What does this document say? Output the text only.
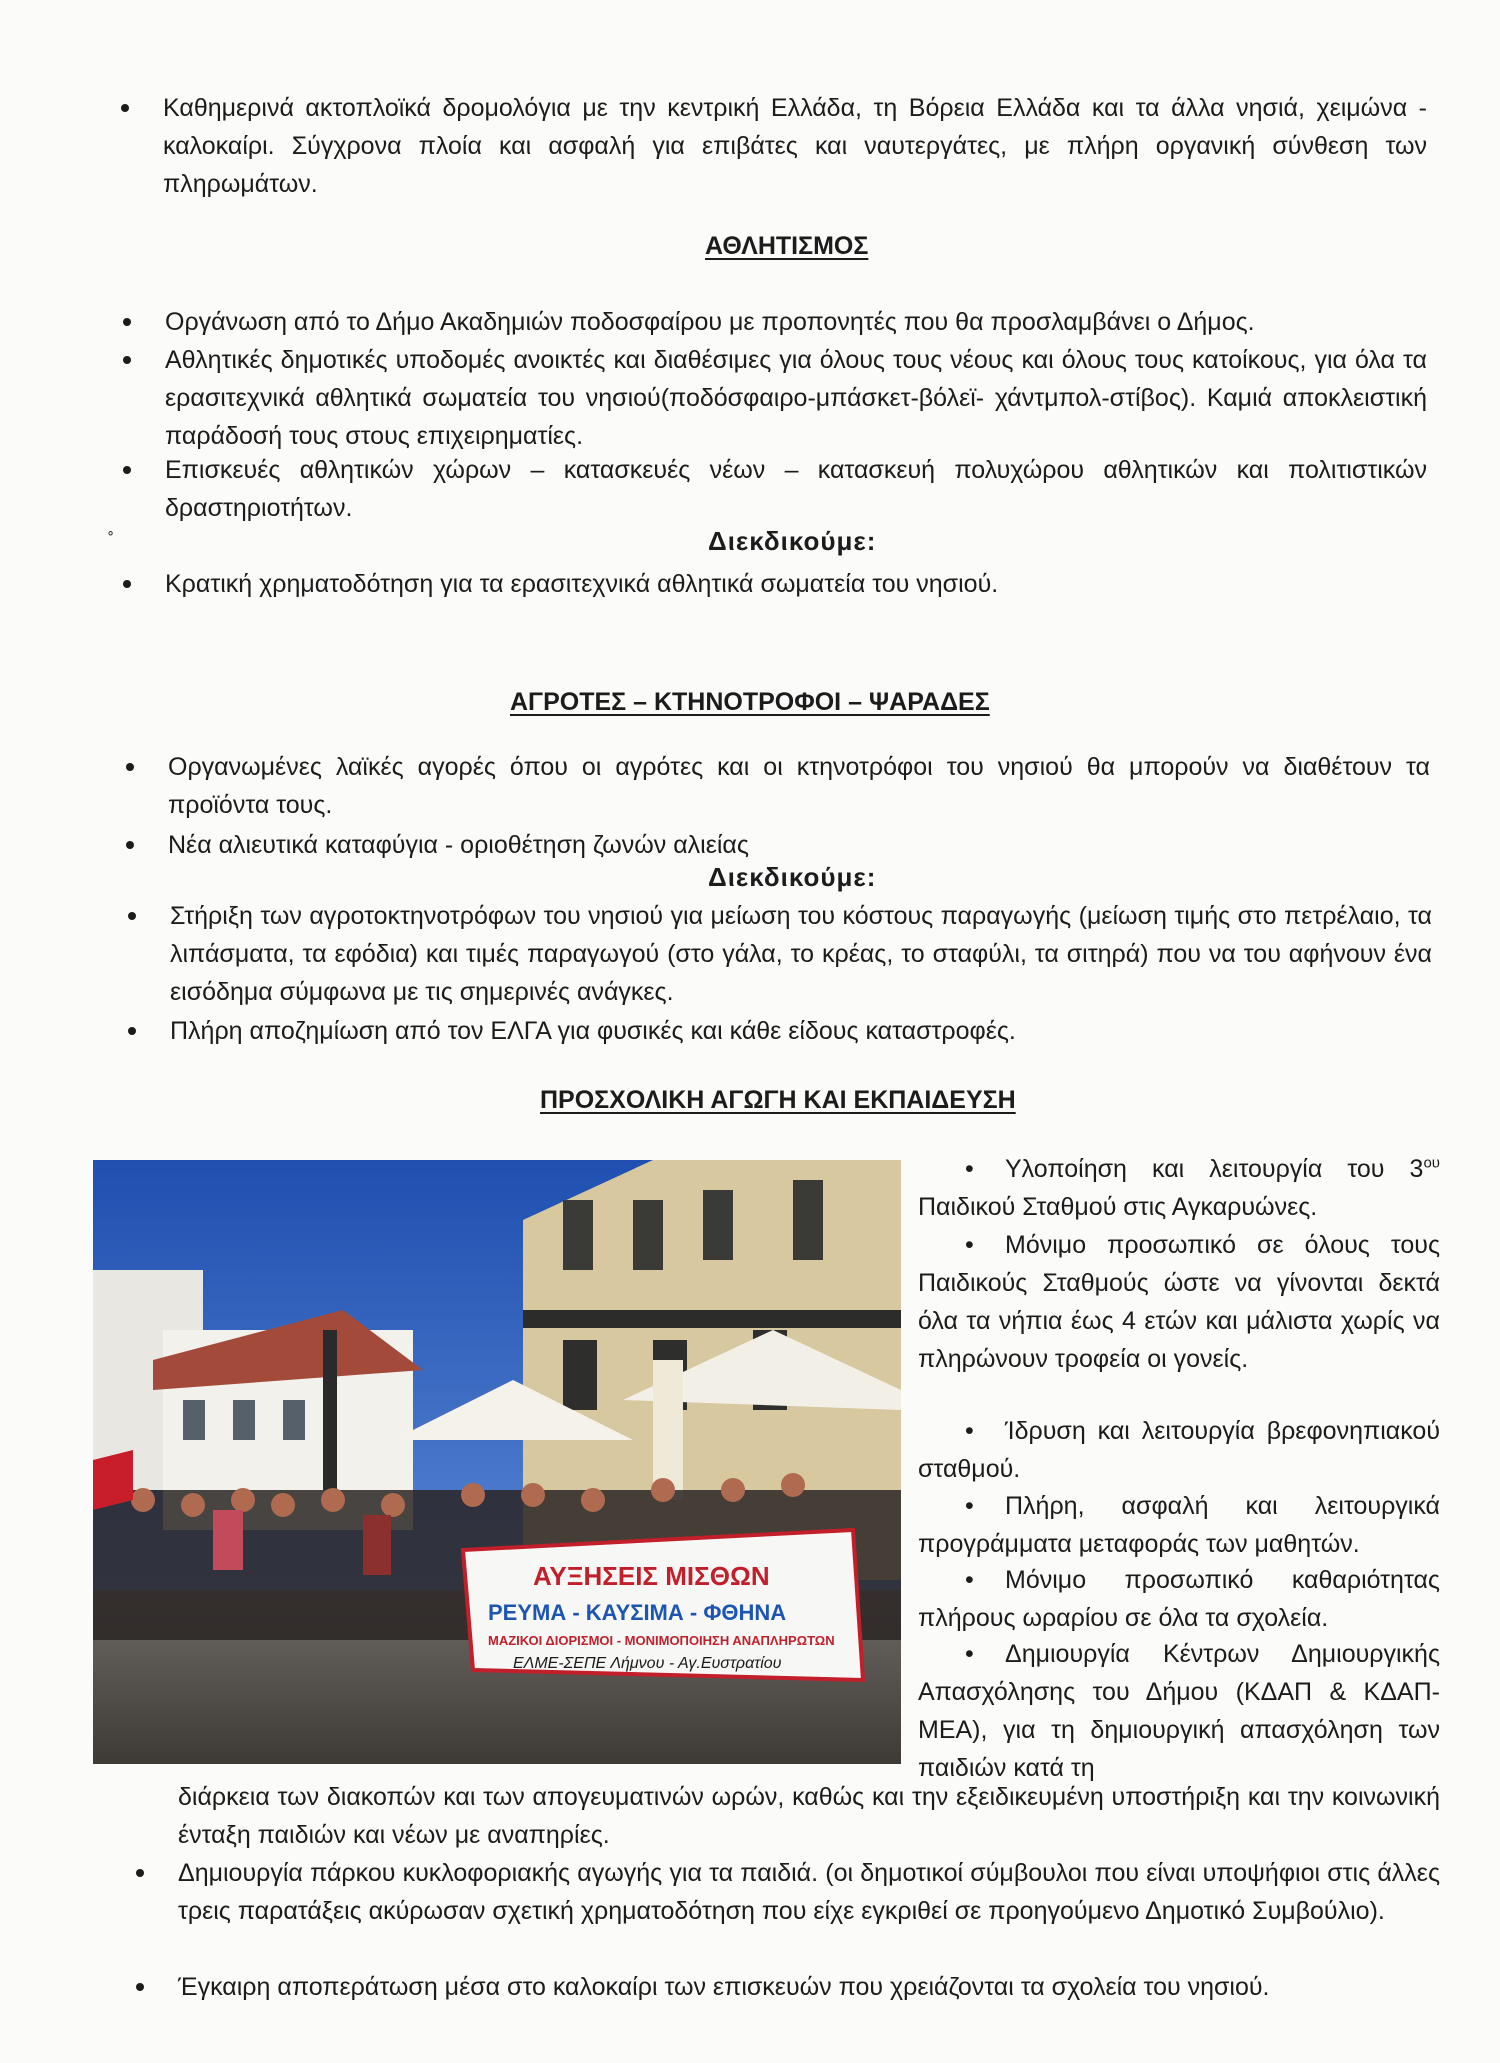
Καθημερινά ακτοπλοϊκά δρομολόγια με την κεντρική Ελλάδα, τη Βόρεια Ελλάδα και τα άλλα νησιά, χειμώνα - καλοκαίρι. Σύγχρονα πλοία και ασφαλή για επιβάτες και ναυτεργάτες, με πλήρη οργανική σύνθεση των πληρωμάτων.

ΑΘΛΗΤΙΣΜΟΣ

Οργάνωση από το Δήμο Ακαδημιών ποδοσφαίρου με προπονητές που θα προσλαμβάνει ο Δήμος.

Αθλητικές δημοτικές υποδομές ανοικτές και διαθέσιμες για όλους τους νέους και όλους τους κατοίκους, για όλα τα ερασιτεχνικά αθλητικά σωματεία του νησιού(ποδόσφαιρο-μπάσκετ-βόλεϊ- χάντμπολ-στίβος). Καμιά αποκλειστική παράδοσή τους στους επιχειρηματίες.

Επισκευές αθλητικών χώρων – κατασκευές νέων – κατασκευή πολυχώρου αθλητικών και πολιτιστικών δραστηριοτήτων.

˚	Διεκδικούμε:

Κρατική χρηματοδότηση για τα ερασιτεχνικά αθλητικά σωματεία του νησιού.

ΑΓΡΟΤΕΣ – ΚΤΗΝΟΤΡΟΦΟΙ – ΨΑΡΑΔΕΣ

Οργανωμένες λαϊκές αγορές όπου οι αγρότες και οι κτηνοτρόφοι του νησιού θα μπορούν να διαθέτουν τα προϊόντα τους.

Νέα αλιευτικά καταφύγια - οριοθέτηση ζωνών αλιείας

Διεκδικούμε:

Στήριξη των αγροτοκτηνοτρόφων του νησιού για μείωση του κόστους παραγωγής (μείωση τιμής στο πετρέλαιο, τα λιπάσματα, τα εφόδια) και τιμές παραγωγού (στο γάλα, το κρέας, το σταφύλι, τα σιτηρά) που να του αφήνουν ένα εισόδημα σύμφωνα με τις σημερινές ανάγκες.

Πλήρη αποζημίωση από τον ΕΛΓΑ για φυσικές και κάθε είδους καταστροφές.

ΠΡΟΣΧΟΛΙΚΗ ΑΓΩΓΗ ΚΑΙ ΕΚΠΑΙΔΕΥΣΗ
ΑΥΞΗΣΕΙΣ ΜΙΣΘΩΝ
ΡΕΥΜΑ - ΚΑΥΣΙΜΑ - ΦΘΗΝΑ
ΜΑΖΙΚΟΙ ΔΙΟΡΙΣΜΟΙ - ΜΟΝΙΜΟΠΟΙΗΣΗ ΑΝΑΠΛΗΡΩΤΩΝ
ΕΛΜΕ-ΣΕΠΕ Λήμνου - Αγ.Ευστρατίου
• Υλοποίηση και λειτουργία του $3^{o\upsilon}$ Παιδικού Σταθμού στις Αγκαρυώνες.
• Μόνιμο προσωπικό σε όλους τους Παιδικούς Σταθμούς ώστε να γίνονται δεκτά όλα τα νήπια έως 4 ετών και μάλιστα χωρίς να πληρώνουν τροφεία οι γονείς.
• Ίδρυση και λειτουργία βρεφονηπιακού σταθμού.
• Πλήρη, ασφαλή και λειτουργικά προγράμματα μεταφοράς των μαθητών.
• Μόνιμο προσωπικό καθαριότητας πλήρους ωραρίου σε όλα τα σχολεία.
• Δημιουργία Κέντρων Δημιουργικής Απασχόλησης του Δήμου (ΚΔΑΠ & ΚΔΑΠ-ΜΕΑ), για τη δημιουργική απασχόληση των παιδιών κατά τη

διάρκεια των διακοπών και των απογευματινών ωρών, καθώς και την εξειδικευμένη υποστήριξη και την κοινωνική ένταξη παιδιών και νέων με αναπηρίες.

Δημιουργία πάρκου κυκλοφοριακής αγωγής για τα παιδιά. (οι δημοτικοί σύμβουλοι που είναι υποψήφιοι στις άλλες τρεις παρατάξεις ακύρωσαν σχετική χρηματοδότηση που είχε εγκριθεί σε προηγούμενο Δημοτικό Συμβούλιο).

Έγκαιρη αποπεράτωση μέσα στο καλοκαίρι των επισκευών που χρειάζονται τα σχολεία του νησιού.
